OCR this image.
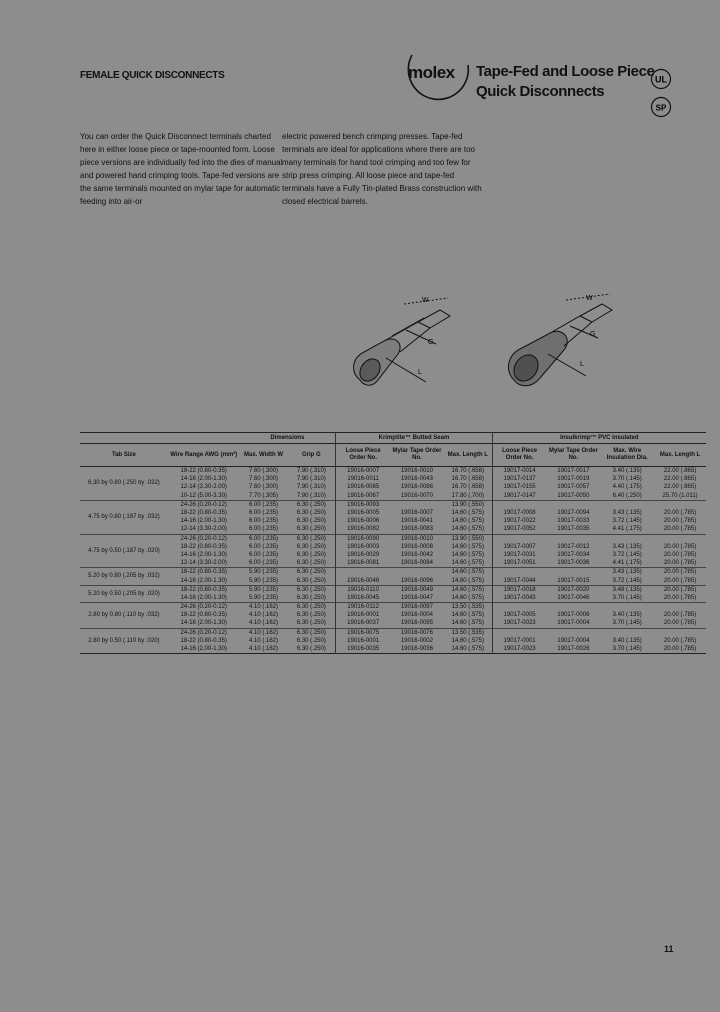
FEMALE QUICK DISCONNECTS	molex Tape-Fed and Loose Piece
Quick Disconnects
UL
SP
You can order the Quick Disconnect terminals charted here in either loose piece or tape-mounted form. Loose piece versions are individually fed into the dies of manual and powered hand crimping tools. Tape-fed versions are the same terminals mounted on mylar tape for automatic feeding into air-or
electric powered bench crimping presses. Tape-fed terminals are ideal for applications where there are too many terminals for hand tool crimping and too few for strip press crimping. All loose piece and tape-fed terminals have a Fully Tin-plated Brass construction with closed electrical barrels.
W
G
L
W
G
L
		Dimensions		Krimptite™ Butted Seam			Insulkrimp™ PVC Insulated			
Tab Size	Wire Range AWG (mm²)	Max. Width W	Grip G	Loose Piece Order No.	Mylar Tape Order No.	Max. Length L	Loose Piece Order No.	Mylar Tape Order No.	Max. Wire Insulation Dia.	Max. Length L
6.30 by 0.80 (.250 by .032)	18-22 (0.80-0.35)	7.60 (.300)	7.90 (.310)	19016-0007	19016-0010	16.70 (.658)	19017-0014	19017-0017	3.40 (.135)	22.00 (.865)
	14-16 (2.00-1.30)	7.60 (.300)	7.90 (.310)	19016-0011	19016-0043	16.70 (.658)	19017-0137	19017-0019	3.70 (.145)	22.00 (.865)
	12-14 (3.30-2.00)	7.60 (.300)	7.90 (.310)	19016-0085	19016-0086	16.70 (.658)	19017-0155	19017-0057	4.40 (.175)	22.00 (.865)
	10-12 (5.00-3.30)	7.70 (.305)	7.90 (.310)	19016-0067	19016-0070	17.80 (.700)	19017-0147	19017-0050	6.40 (.250)	25.70 (1.011)
4.75 by 0.80 (.187 by .032)	24-26 (0.20-0.12)	6.00 (.235)	6.30 (.250)	19016-0093		13.90 (.550)				
	18-22 (0.80-0.35)	6.00 (.235)	6.30 (.250)	19016-0005	19016-0007	14.60 (.575)	19017-0008	19017-0094	3.43 (.135)	20.00 (.785)
	14-16 (2.00-1.30)	6.00 (.235)	6.30 (.250)	19016-0006	19016-0041	14.60 (.575)	19017-0022	19017-0033	3.72 (.145)	20.00 (.785)
	12-14 (3.30-2.00)	6.00 (.235)	6.30 (.250)	19016-0082	19016-0083	14.60 (.575)	19017-0052	19017-0035	4.41 (.175)	20.00 (.785)
4.75 by 0.50 (.187 by .020)	24-26 (0.20-0.12)	6.00 (.235)	6.30 (.250)	19016-0090	19016-0010	13.90 (.550)				
	18-22 (0.80-0.35)	6.00 (.235)	6.30 (.250)	19016-0003	19016-0008	14.60 (.575)	19017-0007	19017-0012	3.43 (.135)	20.00 (.785)
	14-16 (2.00-1.30)	6.00 (.235)	6.30 (.250)	19016-0029	19016-0042	14.60 (.575)	19017-0031	19017-0034	3.72 (.145)	20.00 (.785)
	12-14 (3.30-2.00)	6.00 (.235)	6.30 (.250)	19016-0081	19016-0084	14.60 (.575)	19017-0051	19017-0036	4.41 (.175)	20.00 (.785)
5.20 by 0.80 (.205 by .032)	18-22 (0.80-0.35)	5.90 (.235)	6.30 (.250)			14.60 (.575)			3.43 (.135)	20.00 (.785)
	14-16 (2.00-1.30)	5.90 (.235)	6.30 (.250)	19016-0046	19016-0096	14.60 (.575)	19017-0044	19017-0015	3.72 (.145)	20.00 (.785)
5.20 by 0.50 (.205 by .020)	18-22 (0.80-0.35)	5.90 (.235)	6.30 (.250)	19016-0110	19016-0049	14.60 (.575)	19017-0018	19017-0020	3.48 (.135)	20.00 (.785)
	14-16 (2.00-1.30)	5.90 (.235)	6.30 (.250)	19016-0045	19016-0047	14.60 (.575)	19017-0043	19017-0046	3.70 (.145)	20.00 (.785)
2.80 by 0.80 (.110 by .032)	24-26 (0.20-0.12)	4.10 (.162)	6.30 (.250)	19016-0112	19016-0097	13.50 (.535)				
	18-22 (0.80-0.35)	4.10 (.162)	6.30 (.250)	19016-0001	19016-0004	14.60 (.575)	19017-0005	19017-0006	3.40 (.135)	20.00 (.785)
	14-16 (2.00-1.30)	4.10 (.162)	6.30 (.250)	19016-0037	19016-0095	14.60 (.575)	19017-0023	19017-0004	3.70 (.145)	20.00 (.785)
2.80 by 0.50 (.110 by .020)	24-26 (0.20-0.12)	4.10 (.162)	6.30 (.250)	19016-0075	19016-0076	13.50 (.535)				
	18-22 (0.80-0.35)	4.10 (.162)	6.30 (.250)	19016-0001	19016-0002	14.60 (.575)	19017-0001	19017-0004	3.40 (.135)	20.00 (.785)
	14-16 (2.00-1.30)	4.10 (.162)	6.30 (.250)	19016-0035	19016-0036	14.60 (.575)	19017-0023	19017-0026	3.70 (.145)	20.00 (.785)
11
